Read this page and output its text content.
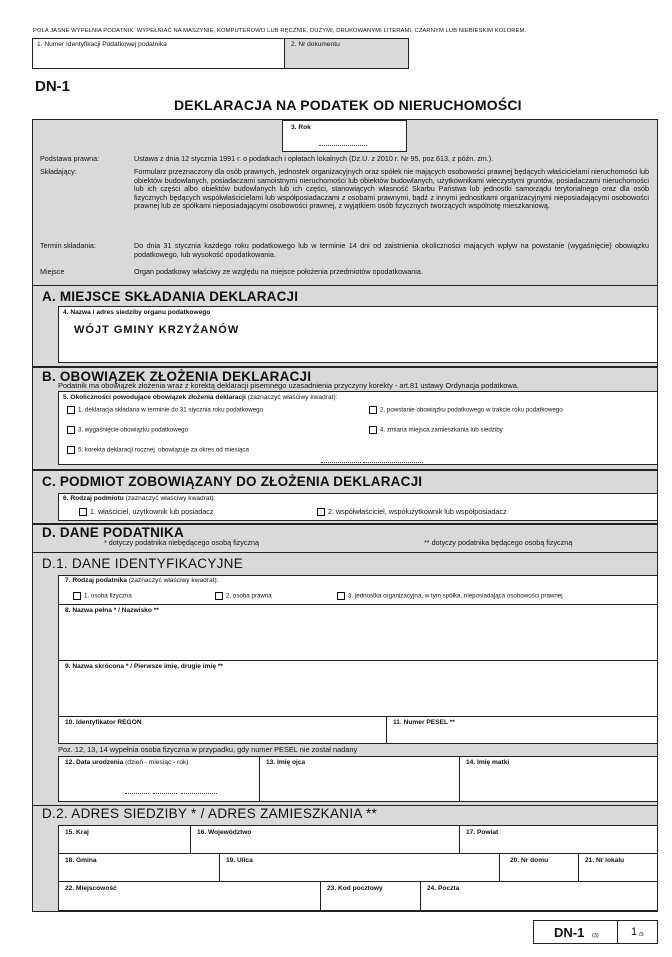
POLA JASNE WYPEŁNIA PODATNIK. WYPEŁNIAĆ NA MASZYNIE, KOMPUTEROWO LUB RĘCZNIE, DUŻYMI, DRUKOWANYMI LITERAMI, CZARNYM LUB NIEBIESKIM KOLOREM.
1. Numer Identyfikacji Podatkowej podatnika	2. Nr dokumentu
DN-1
DEKLARACJA NA PODATEK OD NIERUCHOMOŚCI
3. Rok
Podstawa prawna:	Ustawa z dnia 12 stycznia 1991 r. o podatkach i opłatach lokalnych (Dz.U. z 2010 r. Nr 95, poz.613, z późn. zm.).
Składający:	Formularz przeznaczony dla osób prawnych, jednostek organizacyjnych oraz spółek nie mających osobowości prawnej będących właścicielami nieruchomości lub obiektów budowlanych, posiadaczami samoistnymi nieruchomości lub obiektów budowlanych, użytkownikami wieczystymi gruntów, posiadaczami nieruchomości lub ich części albo obiektów budowlanych lub ich części, stanowiących własność Skarbu Państwa lub jednostki samorządu terytorialnego oraz dla osób fizycznych będących współwłaścicielami lub współposiadaczami z osobami prawnymi, bądź z innymi jednostkami organizacyjnymi nieposiadającymi osobowości prawnej lub ze spółkami nieposiadającymi osobowości prawnej, z wyjątkiem osób fizycznych tworzących wspólnotę mieszkaniową.
Termin składania:	Do dnia 31 stycznia każdego roku podatkowego lub w terminie 14 dni od zaistnienia okoliczności mających wpływ na powstanie (wygaśnięcie) obowiązku podatkowego, lub wysokość opodatkowania.
Miejsce	Organ podatkowy właściwy ze względu na miejsce położenia przedmiotów opodatkowania.
A. MIEJSCE SKŁADANIA DEKLARACJI
4. Nazwa i adres siedziby organu podatkowego
WÓJT GMINY KRZYŻANÓW
B. OBOWIĄZEK ZŁOŻENIA DEKLARACJI
Podatnik ma obowiązek złożenia wraz z korektą deklaracji pisemnego uzasadnienia przyczyny korekty - art.81 ustawy Ordynacja podatkowa.
5. Okoliczności powodujące obowiązek złożenia deklaracji (zaznaczyć właściwy kwadrat):
1. deklaracja składana w terminie do 31 stycznia roku podatkowego	2. powstanie obowiązku podatkowego w trakcie roku podatkowego
3. wygaśnięcie obowiązku podatkowego	4. zmiana miejsca zamieszkania lub siedziby
5. korekta deklaracji rocznej obowiązuje za okres od miesiąca
C. PODMIOT ZOBOWIĄZANY DO ZŁOŻENIA DEKLARACJI
6. Rodzaj podmiotu (zaznaczyć właściwy kwadrat):
1. właściciel, użytkownik lub posiadacz	2. współwłaściciel, współużytkownik lub współposiadacz
D. DANE PODATNIKA
* dotyczy podatnika niebędącego osobą fizyczną	** dotyczy podatnika będącego osobą fizyczną
D.1. DANE IDENTYFIKACYJNE
7. Rodzaj podatnika (zaznaczyć właściwy kwadrat):
1. osoba fizyczna	2. osoba prawna	3. jednostka organizacyjna, w tym spółka, nieposiadająca osobowości prawnej
8. Nazwa pełna * / Nazwisko **
9. Nazwa skrócona * / Pierwsze imię, drugie imię **
10. Identyfikator REGON	11. Numer PESEL **
Poz. 12, 13, 14 wypełnia osoba fizyczna w przypadku, gdy numer PESEL nie został nadany
12. Data urodzenia (dzień - miesiąc - rok)	13. Imię ojca	14. Imię matki
D.2. ADRES SIEDZIBY * / ADRES ZAMIESZKANIA **
15. Kraj	16. Województwo	17. Powiat
18. Gmina	19. Ulica	20. Nr domu	21. Nr lokalu
22. Miejscowość	23. Kod pocztowy	24. Poczta
DN-1 (3)	1 /3
